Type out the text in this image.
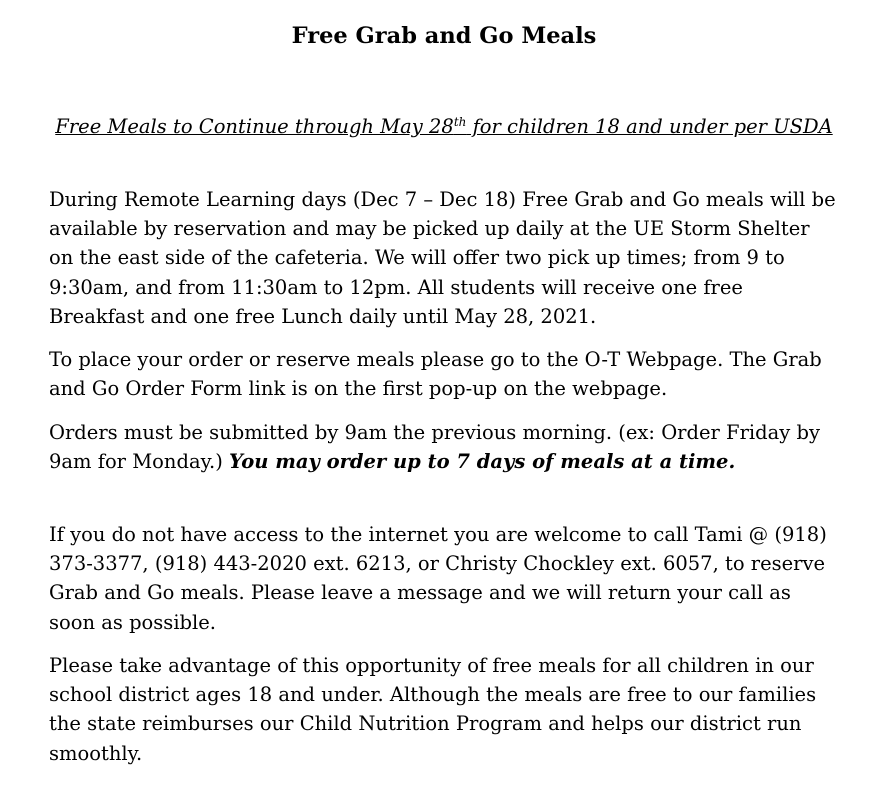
Free Grab and Go Meals
Free Meals to Continue through May 28th for children 18 and under per USDA

During Remote Learning days (Dec 7 – Dec 18) Free Grab and Go meals will be available by reservation and may be picked up daily at the UE Storm Shelter on the east side of the cafeteria. We will offer two pick up times; from 9 to 9:30am, and from 11:30am to 12pm. All students will receive one free Breakfast and one free Lunch daily until May 28, 2021.

To place your order or reserve meals please go to the O-T Webpage. The Grab and Go Order Form link is on the first pop-up on the webpage.

Orders must be submitted by 9am the previous morning. (ex: Order Friday by 9am for Monday.) You may order up to 7 days of meals at a time.

If you do not have access to the internet you are welcome to call Tami @ (918) 373-3377, (918) 443-2020 ext. 6213, or Christy Chockley ext. 6057, to reserve Grab and Go meals. Please leave a message and we will return your call as soon as possible.

Please take advantage of this opportunity of free meals for all children in our school district ages 18 and under. Although the meals are free to our families the state reimburses our Child Nutrition Program and helps our district run smoothly.
